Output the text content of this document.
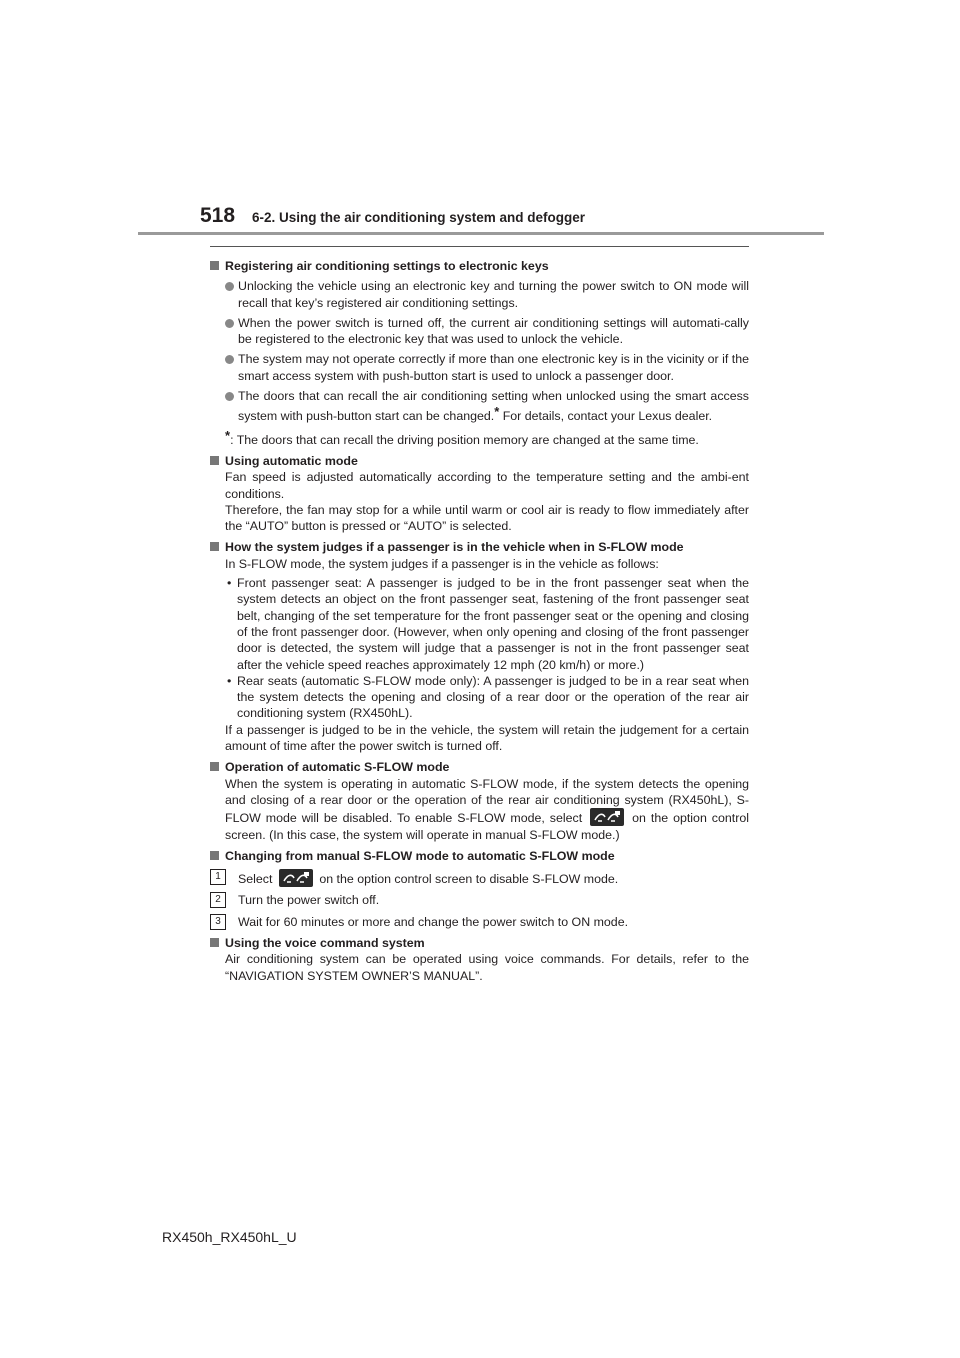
518	6-2. Using the air conditioning system and defogger
Registering air conditioning settings to electronic keys
Unlocking the vehicle using an electronic key and turning the power switch to ON mode will recall that key’s registered air conditioning settings.
When the power switch is turned off, the current air conditioning settings will automati-cally be registered to the electronic key that was used to unlock the vehicle.
The system may not operate correctly if more than one electronic key is in the vicinity or if the smart access system with push-button start is used to unlock a passenger door.
The doors that can recall the air conditioning setting when unlocked using the smart access system with push-button start can be changed.* For details, contact your Lexus dealer.
*: The doors that can recall the driving position memory are changed at the same time.
Using automatic mode
Fan speed is adjusted automatically according to the temperature setting and the ambi-ent conditions.
Therefore, the fan may stop for a while until warm or cool air is ready to flow immediately after the “AUTO” button is pressed or “AUTO” is selected.
How the system judges if a passenger is in the vehicle when in S-FLOW mode
In S-FLOW mode, the system judges if a passenger is in the vehicle as follows:
• Front passenger seat: A passenger is judged to be in the front passenger seat when the system detects an object on the front passenger seat, fastening of the front passenger seat belt, changing of the set temperature for the front passenger seat or the opening and closing of the front passenger door. (However, when only opening and closing of the front passenger door is detected, the system will judge that a passenger is not in the front passenger seat after the vehicle speed reaches approximately 12 mph (20 km/h) or more.)
• Rear seats (automatic S-FLOW mode only): A passenger is judged to be in a rear seat when the system detects the opening and closing of a rear door or the operation of the rear air conditioning system (RX450hL).
If a passenger is judged to be in the vehicle, the system will retain the judgement for a certain amount of time after the power switch is turned off.
Operation of automatic S-FLOW mode
When the system is operating in automatic S-FLOW mode, if the system detects the opening and closing of a rear door or the operation of the rear air conditioning system (RX450hL), S-FLOW mode will be disabled. To enable S-FLOW mode, select	on the option control screen. (In this case, the system will operate in manual S-FLOW mode.)
Changing from manual S-FLOW mode to automatic S-FLOW mode
1	Select	on the option control screen to disable S-FLOW mode.
2	Turn the power switch off.
3	Wait for 60 minutes or more and change the power switch to ON mode.
Using the voice command system
Air conditioning system can be operated using voice commands. For details, refer to the “NAVIGATION SYSTEM OWNER’S MANUAL”.
RX450h_RX450hL_U
